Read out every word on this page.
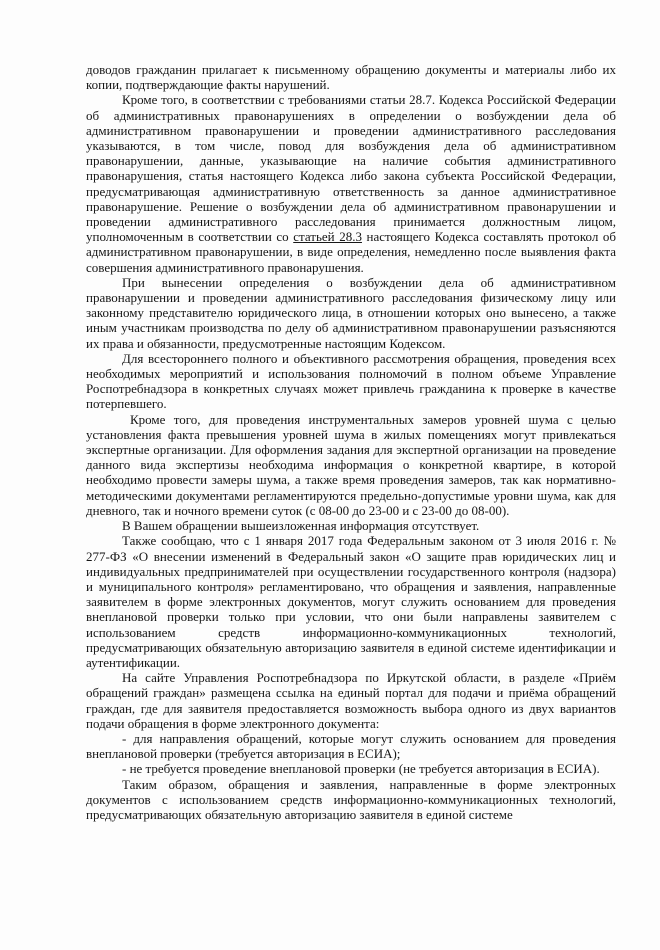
доводов гражданин прилагает к письменному обращению документы и материалы либо их копии, подтверждающие факты нарушений.

Кроме того, в соответствии с требованиями статьи 28.7. Кодекса Российской Федерации об административных правонарушениях в определении о возбуждении дела об административном правонарушении и проведении административного расследования указываются, в том числе, повод для возбуждения дела об административном правонарушении, данные, указывающие на наличие события административного правонарушения, статья настоящего Кодекса либо закона субъекта Российской Федерации, предусматривающая административную ответственность за данное административное правонарушение. Решение о возбуждении дела об административном правонарушении и проведении административного расследования принимается должностным лицом, уполномоченным в соответствии со статьей 28.3 настоящего Кодекса составлять протокол об административном правонарушении, в виде определения, немедленно после выявления факта совершения административного правонарушения.

При вынесении определения о возбуждении дела об административном правонарушении и проведении административного расследования физическому лицу или законному представителю юридического лица, в отношении которых оно вынесено, а также иным участникам производства по делу об административном правонарушении разъясняются их права и обязанности, предусмотренные настоящим Кодексом.

Для всестороннего полного и объективного рассмотрения обращения, проведения всех необходимых мероприятий и использования полномочий в полном объеме Управление Роспотребнадзора в конкретных случаях может привлечь гражданина к проверке в качестве потерпевшего.

Кроме того, для проведения инструментальных замеров уровней шума с целью установления факта превышения уровней шума в жилых помещениях могут привлекаться экспертные организации. Для оформления задания для экспертной организации на проведение данного вида экспертизы необходима информация о конкретной квартире, в которой необходимо провести замеры шума, а также время проведения замеров, так как нормативно-методическими документами регламентируются предельно-допустимые уровни шума, как для дневного, так и ночного времени суток (с 08-00 до 23-00 и с 23-00 до 08-00).

В Вашем обращении вышеизложенная информация отсутствует.

Также сообщаю, что с 1 января 2017 года Федеральным законом от 3 июля 2016 г. № 277-ФЗ «О внесении изменений в Федеральный закон «О защите прав юридических лиц и индивидуальных предпринимателей при осуществлении государственного контроля (надзора) и муниципального контроля» регламентировано, что обращения и заявления, направленные заявителем в форме электронных документов, могут служить основанием для проведения внеплановой проверки только при условии, что они были направлены заявителем с использованием средств информационно-коммуникационных технологий, предусматривающих обязательную авторизацию заявителя в единой системе идентификации и аутентификации.

На сайте Управления Роспотребнадзора по Иркутской области, в разделе «Приём обращений граждан» размещена ссылка на единый портал для подачи и приёма обращений граждан, где для заявителя предоставляется возможность выбора одного из двух вариантов подачи обращения в форме электронного документа:

- для направления обращений, которые могут служить основанием для проведения внеплановой проверки (требуется авторизация в ЕСИА);

- не требуется проведение внеплановой проверки (не требуется авторизация в ЕСИА).

Таким образом, обращения и заявления, направленные в форме электронных документов с использованием средств информационно-коммуникационных технологий, предусматривающих обязательную авторизацию заявителя в единой системе
